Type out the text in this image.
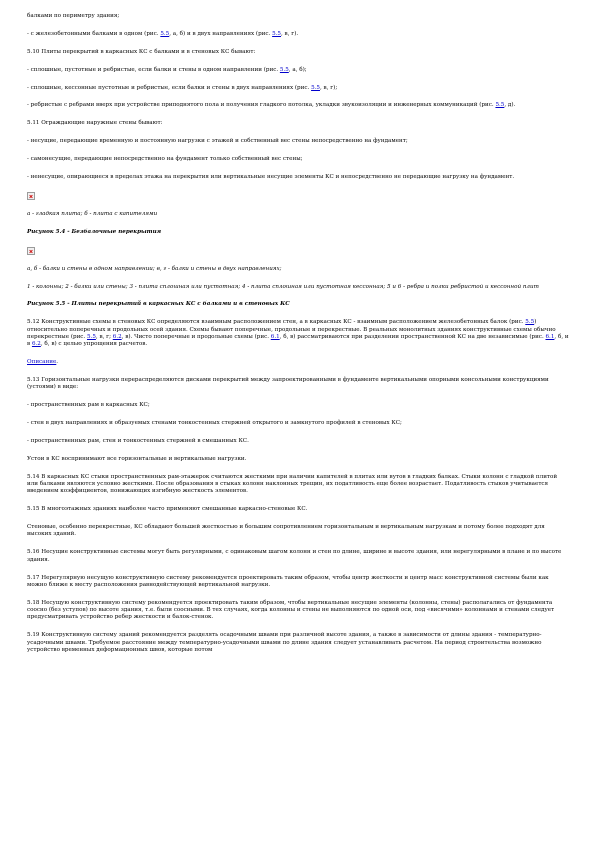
балками по периметру здания;

- с железобетонными балками в одном (рис. 5.5, а, б) и в двух направлениях (рис. 5.5, в, г).

5.10 Плиты перекрытий в каркасных КС с балками и в стеновых КС бывают:

- сплошные, пустотные и ребристые, если балки и стены в одном направлении (рис. 5.5, а, б);

- сплошные, кессонные пустотные и ребристые, если балки и стены в двух направлениях (рис. 5.5, в, г);

- ребристые с ребрами вверх при устройстве приподнятого пола и получения гладкого потолка, укладки звукоизоляции и инженерных коммуникаций (рис. 5.5, д).

5.11 Ограждающие наружные стены бывают:

- несущие, передающие временную и постоянную нагрузки с этажей и собственный вес стены непосредственно на фундамент;

- самонесущие, передающие непосредственно на фундамент только собственный вес стены;

- ненесущие, опирающиеся в пределах этажа на перекрытия или вертикальные несущие элементы КС и непосредственно не передающие нагрузку на фундамент.

а - гладкая плита; б - плита с капителями

Рисунок 5.4 - Безбалочные перекрытия

а, б - балки и стены в одном направлении; в, г - балки и стены в двух направлениях;

1 - колонны; 2 - балки или стены; 3 - плита сплошная или пустотная; 4 - плита сплошная или пустотная кессонная; 5 и 6 - ребра и полки ребристой и кессонной плит

Рисунок 5.5 - Плиты перекрытий в каркасных КС с балками и в стеновых КС

5.12 Конструктивные схемы в стеновых КС определяются взаимным расположением стен, а в каркасных КС - взаимным расположением железобетонных балок (рис. 5.5) относительно поперечных и продольных осей здания. Схемы бывают поперечные, продольные и перекрестные. В реальных монолитных зданиях конструктивные схемы обычно перекрестные (рис. 5.5, в, г; 6.2, в). Чисто поперечные и продольные схемы (рис. 6.1, б, в) рассматриваются при разделении пространственной КС на две независимые (рис. 6.1, б, и в 6.2, б, в) с целью упрощения расчетов.

Описание.

5.13 Горизонтальные нагрузки перераспределяются дисками перекрытий между запроектированными в фундаменте вертикальными опорными консольными конструкциями (устоями) в виде:

- пространственных рам в каркасных КС;

- стен в двух направлениях и образуемых стенами тонкостенных стержней открытого и замкнутого профилей в стеновых КС;

- пространственных рам, стен и тонкостенных стержней в смешанных КС.

Устои в КС воспринимают все горизонтальные и вертикальные нагрузки.

5.14 В каркасных КС стыки пространственных рам-этажерок считаются жесткими при наличии капителей в плитах или вутов в гладких балках. Стыки колонн с гладкой плитой или балками являются условно жесткими. После образования в стыках колонн наклонных трещин, их податливость еще более возрастает. Податливость стыков учитывается введением коэффициентов, понижающих изгибную жесткость элементов.

5.15 В многоэтажных зданиях наиболее часто применяют смешанные каркасно-стеновые КС.

Стеновые, особенно перекрестные, КС обладают большей жесткостью и большим сопротивлением горизонтальным и вертикальным нагрузкам и потому более подходят для высоких зданий.

5.16 Несущие конструктивные системы могут быть регулярными, с одинаковым шагом колонн и стен по длине, ширине и высоте здания, или нерегулярными в плане и по высоте здания.

5.17 Нерегулярную несущую конструктивную систему рекомендуется проектировать таким образом, чтобы центр жесткости и центр масс конструктивной системы были как можно ближе к месту расположения равнодействующей вертикальной нагрузки.

5.18 Несущую конструктивную систему рекомендуется проектировать таким образом, чтобы вертикальные несущие элементы (колонны, стены) располагались от фундамента соосно (без уступов) по высоте здания, т.е. были соосными. В тех случаях, когда колонны и стены не выполняются по одной оси, под «висячими» колоннами и стенами следует предусматривать устройство ребер жесткости и балок-стенок.

5.19 Конструктивную систему зданий рекомендуется разделять осадочными швами при различной высоте здания, а также в зависимости от длины здания - температурно-усадочными швами. Требуемое расстояние между температурно-усадочными швами по длине здания следует устанавливать расчетом. На период строительства возможно устройство временных деформационных швов, которые потом
